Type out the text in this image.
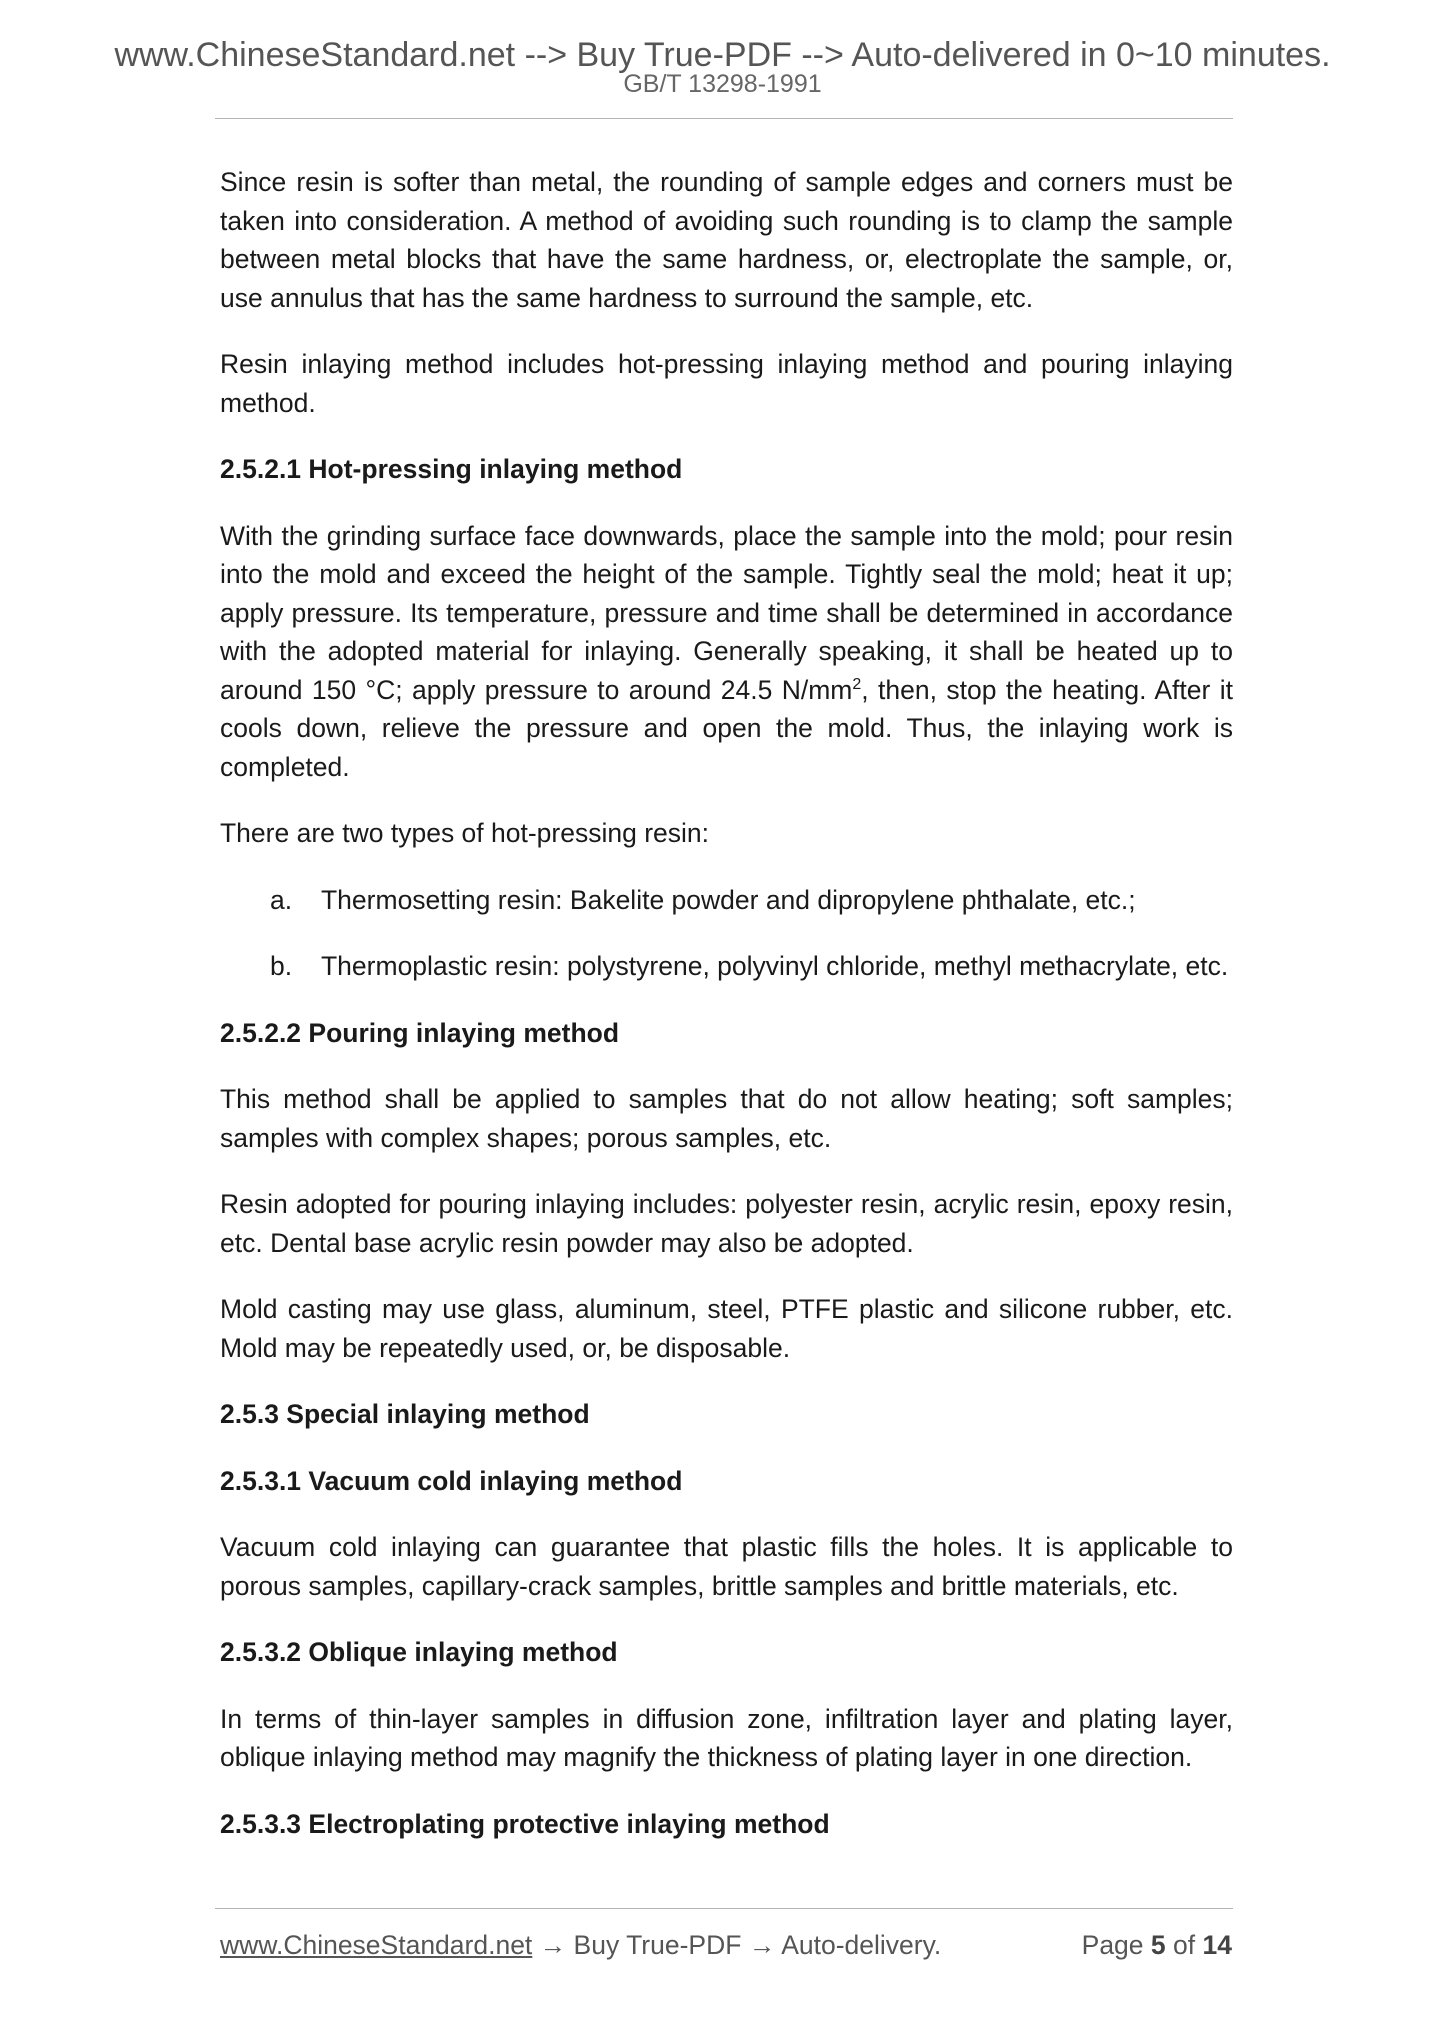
www.ChineseStandard.net --> Buy True-PDF --> Auto-delivered in 0~10 minutes.
GB/T 13298-1991

Since resin is softer than metal, the rounding of sample edges and corners must be taken into consideration. A method of avoiding such rounding is to clamp the sample between metal blocks that have the same hardness, or, electroplate the sample, or, use annulus that has the same hardness to surround the sample, etc.

Resin inlaying method includes hot-pressing inlaying method and pouring inlaying method.

2.5.2.1 Hot-pressing inlaying method

With the grinding surface face downwards, place the sample into the mold; pour resin into the mold and exceed the height of the sample. Tightly seal the mold; heat it up; apply pressure. Its temperature, pressure and time shall be determined in accordance with the adopted material for inlaying. Generally speaking, it shall be heated up to around 150 °C; apply pressure to around 24.5 $N/mm^2$, then, stop the heating. After it cools down, relieve the pressure and open the mold. Thus, the inlaying work is completed.

There are two types of hot-pressing resin:

a.	Thermosetting resin: Bakelite powder and dipropylene phthalate, etc.;
b.	Thermoplastic resin: polystyrene, polyvinyl chloride, methyl methacrylate, etc.
2.5.2.2 Pouring inlaying method

This method shall be applied to samples that do not allow heating; soft samples; samples with complex shapes; porous samples, etc.

Resin adopted for pouring inlaying includes: polyester resin, acrylic resin, epoxy resin, etc. Dental base acrylic resin powder may also be adopted.

Mold casting may use glass, aluminum, steel, PTFE plastic and silicone rubber, etc. Mold may be repeatedly used, or, be disposable.

2.5.3 Special inlaying method
2.5.3.1 Vacuum cold inlaying method

Vacuum cold inlaying can guarantee that plastic fills the holes. It is applicable to porous samples, capillary-crack samples, brittle samples and brittle materials, etc.

2.5.3.2 Oblique inlaying method

In terms of thin-layer samples in diffusion zone, infiltration layer and plating layer, oblique inlaying method may magnify the thickness of plating layer in one direction.

2.5.3.3 Electroplating protective inlaying method
www.ChineseStandard.net → Buy True-PDF → Auto-delivery.	Page 5 of 14
